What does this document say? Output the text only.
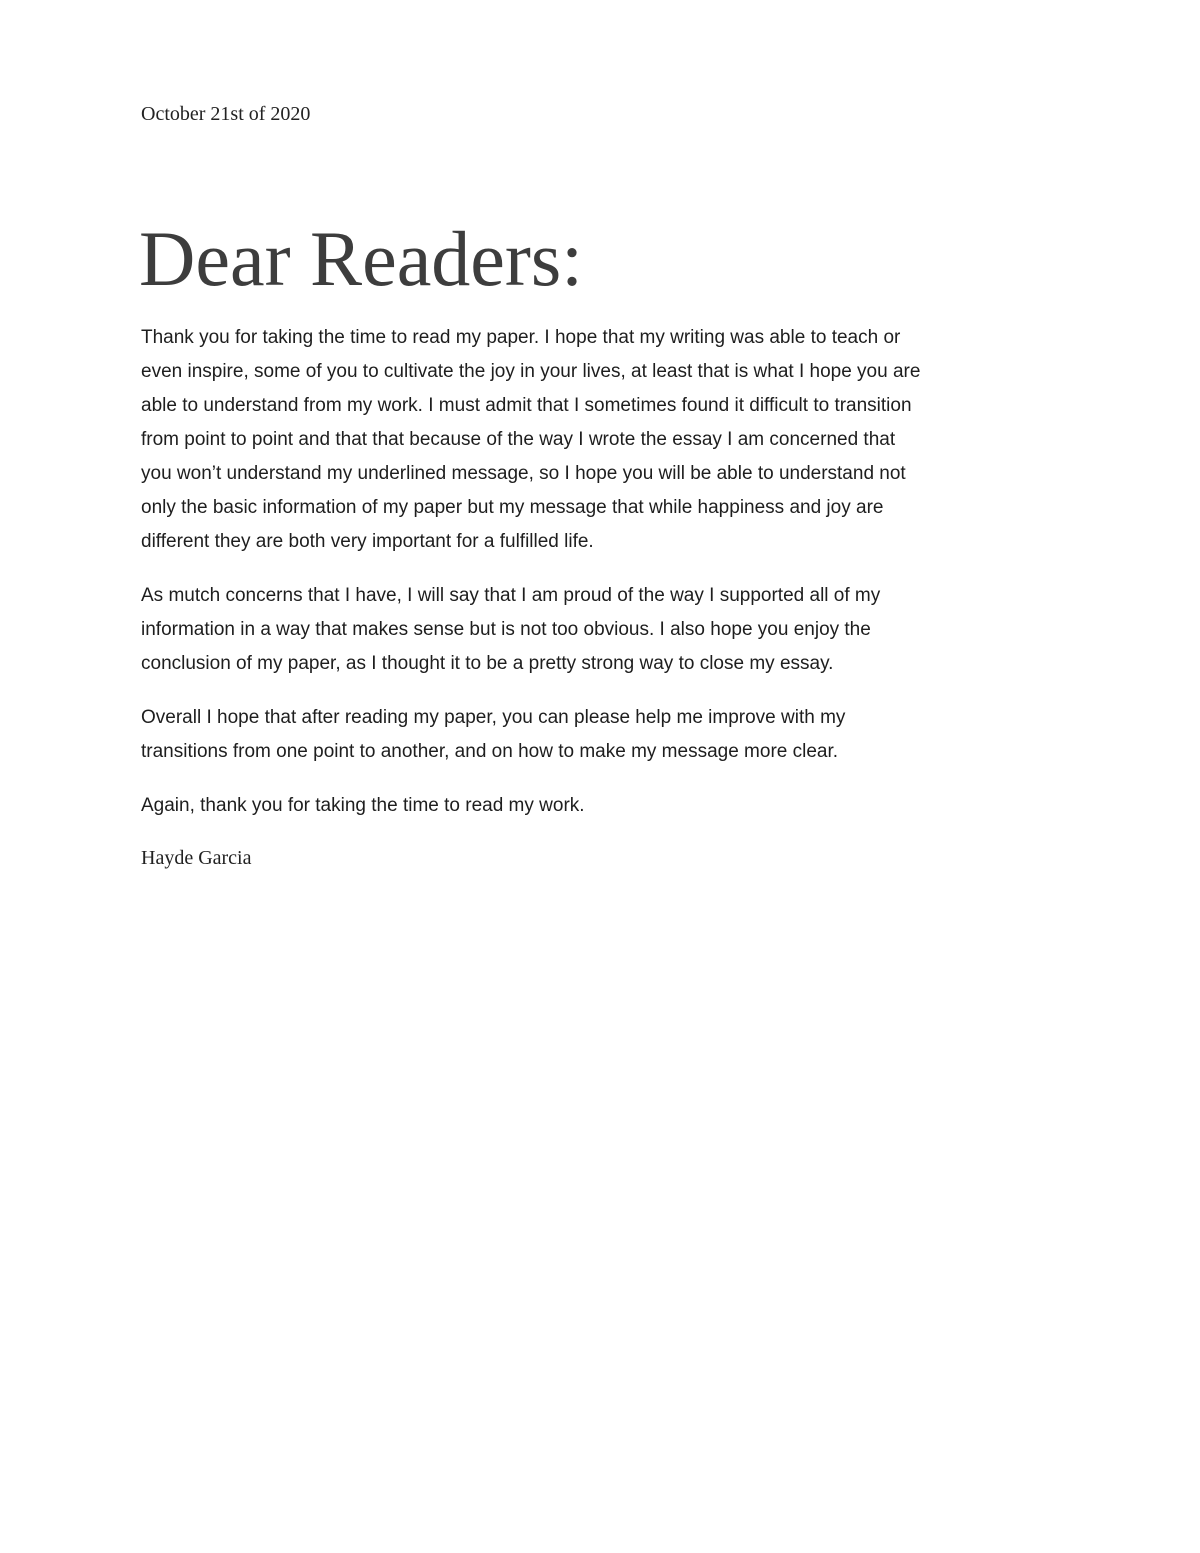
October 21st of 2020

Dear Readers:

Thank you for taking the time to read my paper. I hope that my writing was able to teach or
even inspire, some of you to cultivate the joy in your lives, at least that is what I hope you are
able to understand from my work. I must admit that I sometimes found it difficult to transition
from point to point and that that because of the way I wrote the essay I am concerned that
you won’t understand my underlined message, so I hope you will be able to understand not
only the basic information of my paper but my message that while happiness and joy are
different they are both very important for a fulfilled life.

As mutch concerns that I have, I will say that I am proud of the way I supported all of my
information in a way that makes sense but is not too obvious. I also hope you enjoy the
conclusion of my paper, as I thought it to be a pretty strong way to close my essay.

Overall I hope that after reading my paper, you can please help me improve with my
transitions from one point to another, and on how to make my message more clear.

Again, thank you for taking the time to read my work.

Hayde Garcia
